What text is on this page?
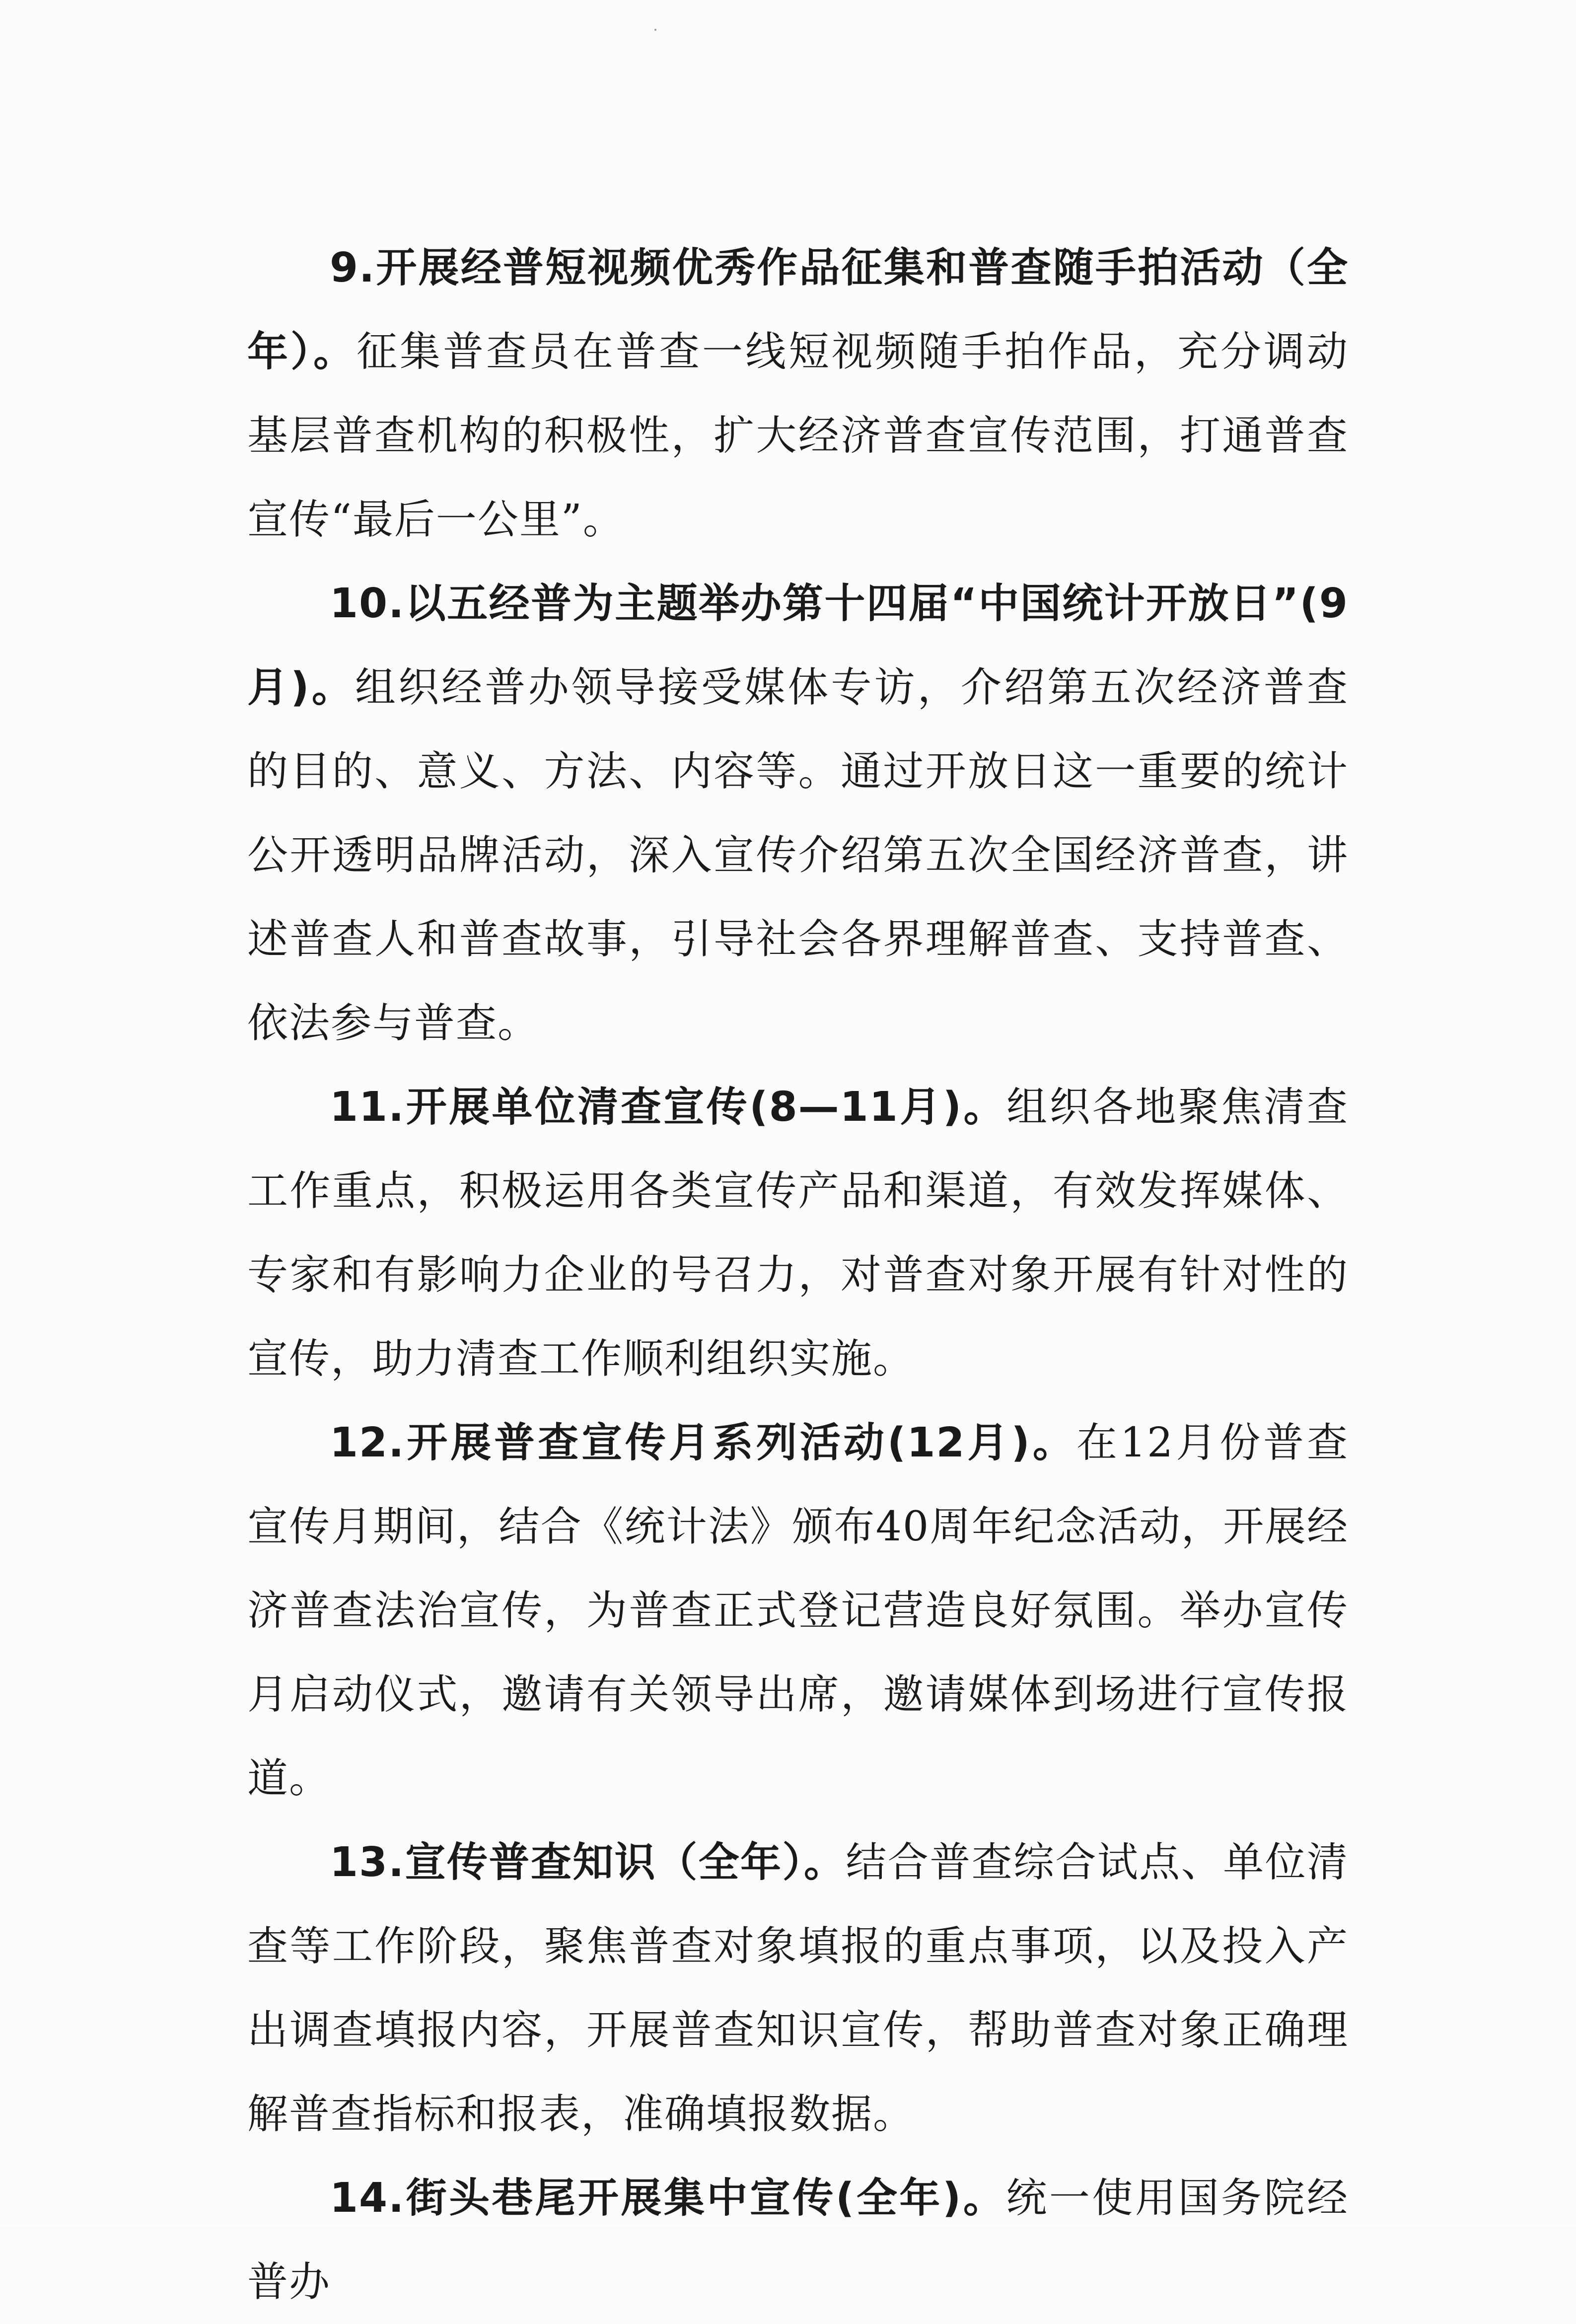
9.开展经普短视频优秀作品征集和普查随手拍活动（全年）。征集普查员在普查一线短视频随手拍作品，充分调动基层普查机构的积极性，扩大经济普查宣传范围，打通普查宣传“最后一公里”。

10.以五经普为主题举办第十四届“中国统计开放日”(9月)。组织经普办领导接受媒体专访，介绍第五次经济普查的目的、意义、方法、内容等。通过开放日这一重要的统计公开透明品牌活动，深入宣传介绍第五次全国经济普查，讲述普查人和普查故事，引导社会各界理解普查、支持普查、依法参与普查。

11.开展单位清查宣传(8—11月)。组织各地聚焦清查工作重点，积极运用各类宣传产品和渠道，有效发挥媒体、专家和有影响力企业的号召力，对普查对象开展有针对性的宣传，助力清查工作顺利组织实施。

12.开展普查宣传月系列活动(12月)。在12月份普查宣传月期间，结合《统计法》颁布40周年纪念活动，开展经济普查法治宣传，为普查正式登记营造良好氛围。举办宣传月启动仪式，邀请有关领导出席，邀请媒体到场进行宣传报道。

13.宣传普查知识（全年）。结合普查综合试点、单位清查等工作阶段，聚焦普查对象填报的重点事项，以及投入产出调查填报内容，开展普查知识宣传，帮助普查对象正确理解普查指标和报表，准确填报数据。

14.街头巷尾开展集中宣传(全年)。统一使用国务院经普办
